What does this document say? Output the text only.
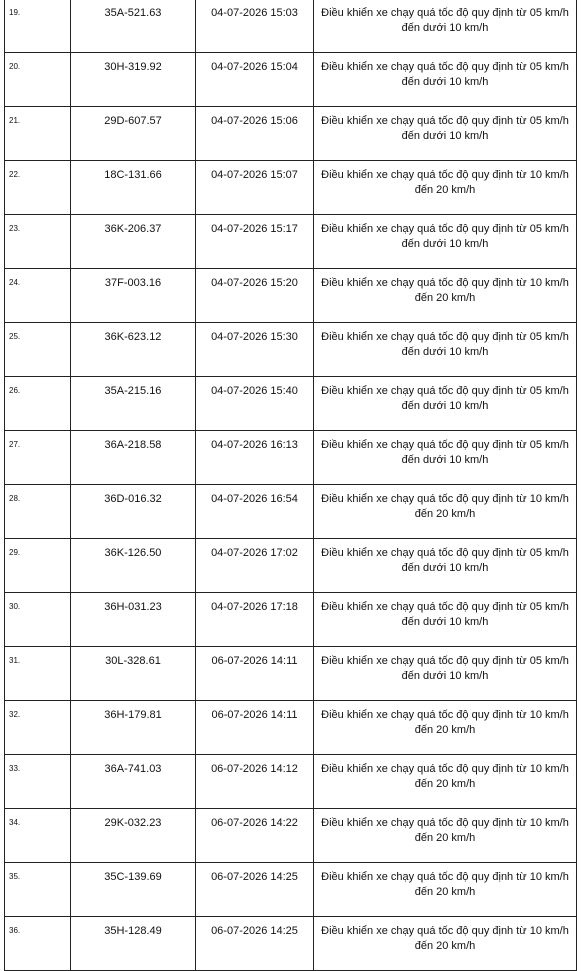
19.	35A-521.63	04-07-2026 15:03	Điều khiển xe chạy quá tốc độ quy định từ 05 km/h đến dưới 10 km/h
20.	30H-319.92	04-07-2026 15:04	Điều khiển xe chạy quá tốc độ quy định từ 05 km/h đến dưới 10 km/h
21.	29D-607.57	04-07-2026 15:06	Điều khiển xe chạy quá tốc độ quy định từ 05 km/h đến dưới 10 km/h
22.	18C-131.66	04-07-2026 15:07	Điều khiển xe chạy quá tốc độ quy định từ 10 km/h đến 20 km/h
23.	36K-206.37	04-07-2026 15:17	Điều khiển xe chạy quá tốc độ quy định từ 05 km/h đến dưới 10 km/h
24.	37F-003.16	04-07-2026 15:20	Điều khiển xe chạy quá tốc độ quy định từ 10 km/h đến 20 km/h
25.	36K-623.12	04-07-2026 15:30	Điều khiển xe chạy quá tốc độ quy định từ 05 km/h đến dưới 10 km/h
26.	35A-215.16	04-07-2026 15:40	Điều khiển xe chạy quá tốc độ quy định từ 05 km/h đến dưới 10 km/h
27.	36A-218.58	04-07-2026 16:13	Điều khiển xe chạy quá tốc độ quy định từ 05 km/h đến dưới 10 km/h
28.	36D-016.32	04-07-2026 16:54	Điều khiển xe chạy quá tốc độ quy định từ 10 km/h đến 20 km/h
29.	36K-126.50	04-07-2026 17:02	Điều khiển xe chạy quá tốc độ quy định từ 05 km/h đến dưới 10 km/h
30.	36H-031.23	04-07-2026 17:18	Điều khiển xe chạy quá tốc độ quy định từ 05 km/h đến dưới 10 km/h
31.	30L-328.61	06-07-2026 14:11	Điều khiển xe chạy quá tốc độ quy định từ 05 km/h đến dưới 10 km/h
32.	36H-179.81	06-07-2026 14:11	Điều khiển xe chạy quá tốc độ quy định từ 10 km/h đến 20 km/h
33.	36A-741.03	06-07-2026 14:12	Điều khiển xe chạy quá tốc độ quy định từ 10 km/h đến 20 km/h
34.	29K-032.23	06-07-2026 14:22	Điều khiển xe chạy quá tốc độ quy định từ 10 km/h đến 20 km/h
35.	35C-139.69	06-07-2026 14:25	Điều khiển xe chạy quá tốc độ quy định từ 10 km/h đến 20 km/h
36.	35H-128.49	06-07-2026 14:25	Điều khiển xe chạy quá tốc độ quy định từ 10 km/h đến 20 km/h
